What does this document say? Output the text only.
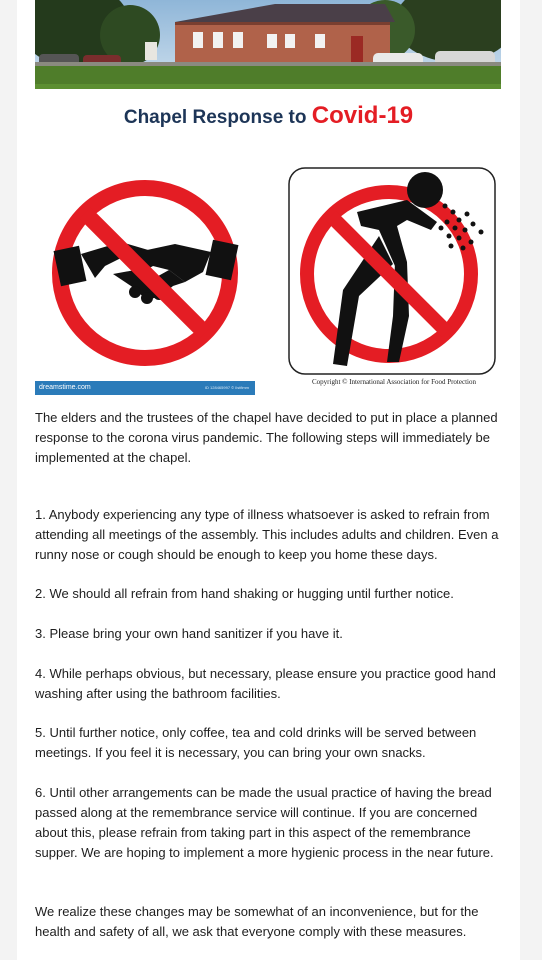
Chapel Response to Covid-19
dreamstime.com	ID 128465997 © Ilstfimm
Copyright © International Association for Food Protection

The elders and the trustees of the chapel have decided to put in place a planned response to the corona virus pandemic. The following steps will immediately be implemented at the chapel.

1. Anybody experiencing any type of illness whatsoever is asked to refrain from attending all meetings of the assembly. This includes adults and children. Even a runny nose or cough should be enough to keep you home these days.

2. We should all refrain from hand shaking or hugging until further notice.

3. Please bring your own hand sanitizer if you have it.

4. While perhaps obvious, but necessary, please ensure you practice good hand washing after using the bathroom facilities.

5. Until further notice, only coffee, tea and cold drinks will be served between meetings. If you feel it is necessary, you can bring your own snacks.

6. Until other arrangements can be made the usual practice of having the bread passed along at the remembrance service will continue. If you are concerned about this, please refrain from taking part in this aspect of the remembrance supper. We are hoping to implement a more hygienic process in the near future.

We realize these changes may be somewhat of an inconvenience, but for the health and safety of all, we ask that everyone comply with these measures.
